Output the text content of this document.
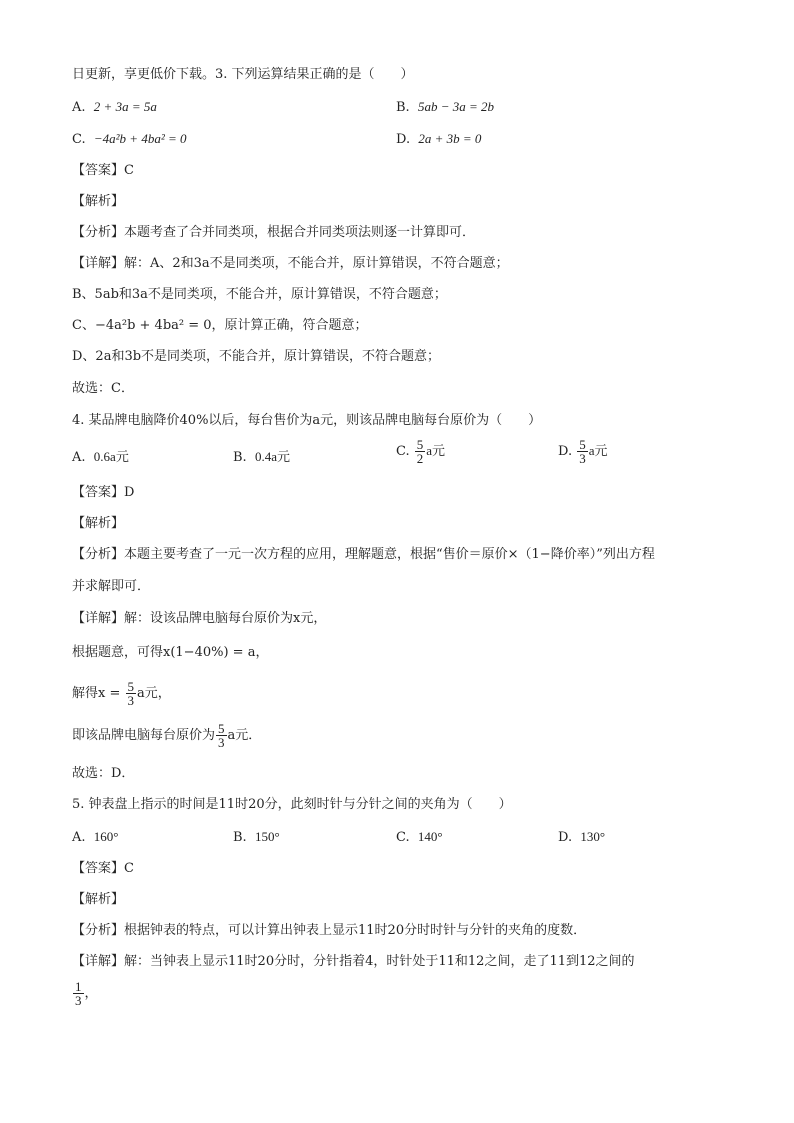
日更新，享更低价下载。3. 下列运算结果正确的是（　　）
A. 2 + 3a = 5a	B. 5ab − 3a = 2b
C. −4a²b + 4ba² = 0	D. 2a + 3b = 0
【答案】C
【解析】
【分析】本题考查了合并同类项，根据合并同类项法则逐一计算即可．
【详解】解：A、2和3a不是同类项，不能合并，原计算错误，不符合题意；
B、5ab和3a不是同类项，不能合并，原计算错误，不符合题意；
C、−4a²b + 4ba² = 0，原计算正确，符合题意；
D、2a和3b不是同类项，不能合并，原计算错误，不符合题意；
故选：C．
4. 某品牌电脑降价40%以后，每台售价为a元，则该品牌电脑每台原价为（　　）
A. 0.6a元	B. 0.4a元	C. $\frac{5}{2}$ a元	D. $\frac{5}{3}$ a元
【答案】D
【解析】
【分析】本题主要考查了一元一次方程的应用，理解题意，根据“售价＝原价×（1−降价率）”列出方程
并求解即可．
【详解】解：设该品牌电脑每台原价为x元，
根据题意，可得x(1−40%) = a，
解得$x = \frac{5}{3}$ a元，
即该品牌电脑每台原价为 $\frac{5}{3}$ a元．
故选：D．
5. 钟表盘上指示的时间是11时20分，此刻时针与分针之间的夹角为（　　）
A. 160°	B. 150°	C. 140°	D. 130°
【答案】C
【解析】
【分析】根据钟表的特点，可以计算出钟表上显示11时20分时时针与分针的夹角的度数．
【详解】解：当钟表上显示11时20分时，分针指着4，时针处于11和12之间，走了11到12之间的
$\frac{1}{3}$ ，
